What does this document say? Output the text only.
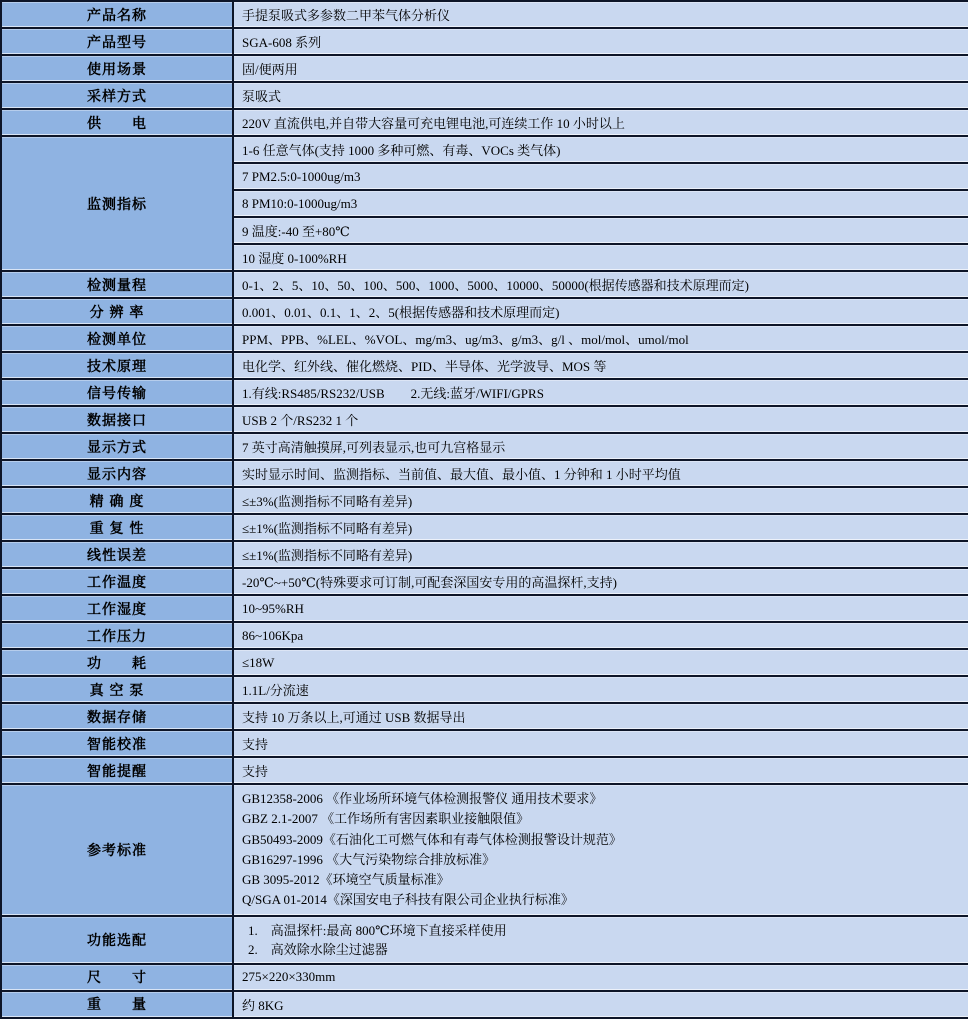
产品名称	手提泵吸式多参数二甲苯气体分析仪
产品型号	SGA-608 系列
使用场景	固/便两用
采样方式	泵吸式
供　　电	220V 直流供电,并自带大容量可充电锂电池,可连续工作 10 小时以上
监测指标	1-6 任意气体(支持 1000 多种可燃、有毒、VOCs 类气体)
	7 PM2.5:0-1000ug/m3
	8 PM10:0-1000ug/m3
	9 温度:-40 至+80℃
	10 湿度 0-100%RH
检测量程	0-1、2、5、10、50、100、500、1000、5000、10000、50000(根据传感器和技术原理而定)
分 辨 率	0.001、0.01、0.1、1、2、5(根据传感器和技术原理而定)
检测单位	PPM、PPB、%LEL、%VOL、mg/m3、ug/m3、g/m3、g/l 、mol/mol、umol/mol
技术原理	电化学、红外线、催化燃烧、PID、半导体、光学波导、MOS 等
信号传输	1.有线:RS485/RS232/USB　　2.无线:蓝牙/WIFI/GPRS
数据接口	USB 2 个/RS232 1 个
显示方式	7 英寸高清触摸屏,可列表显示,也可九宫格显示
显示内容	实时显示时间、监测指标、当前值、最大值、最小值、1 分钟和 1 小时平均值
精 确 度	≤±3%(监测指标不同略有差异)
重 复 性	≤±1%(监测指标不同略有差异)
线性误差	≤±1%(监测指标不同略有差异)
工作温度	-20℃~+50℃(特殊要求可订制,可配套深国安专用的高温探杆,支持)
工作湿度	10~95%RH
工作压力	86~106Kpa
功　　耗	≤18W
真 空 泵	1.1L/分流速
数据存储	支持 10 万条以上,可通过 USB 数据导出
智能校准	支持
智能提醒	支持
参考标准	
GB12358-2006 《作业场所环境气体检测报警仪 通用技术要求》
GBZ 2.1-2007 《工作场所有害因素职业接触限值》
GB50493-2009《石油化工可燃气体和有毒气体检测报警设计规范》
GB16297-1996 《大气污染物综合排放标准》
GB 3095-2012《环境空气质量标准》
Q/SGA 01-2014《深国安电子科技有限公司企业执行标准》

功能选配	1.　高温探杆:最高 800℃环境下直接采样使用
2.　高效除水除尘过滤器

尺　　寸	275×220×330mm
重　　量	约 8KG
